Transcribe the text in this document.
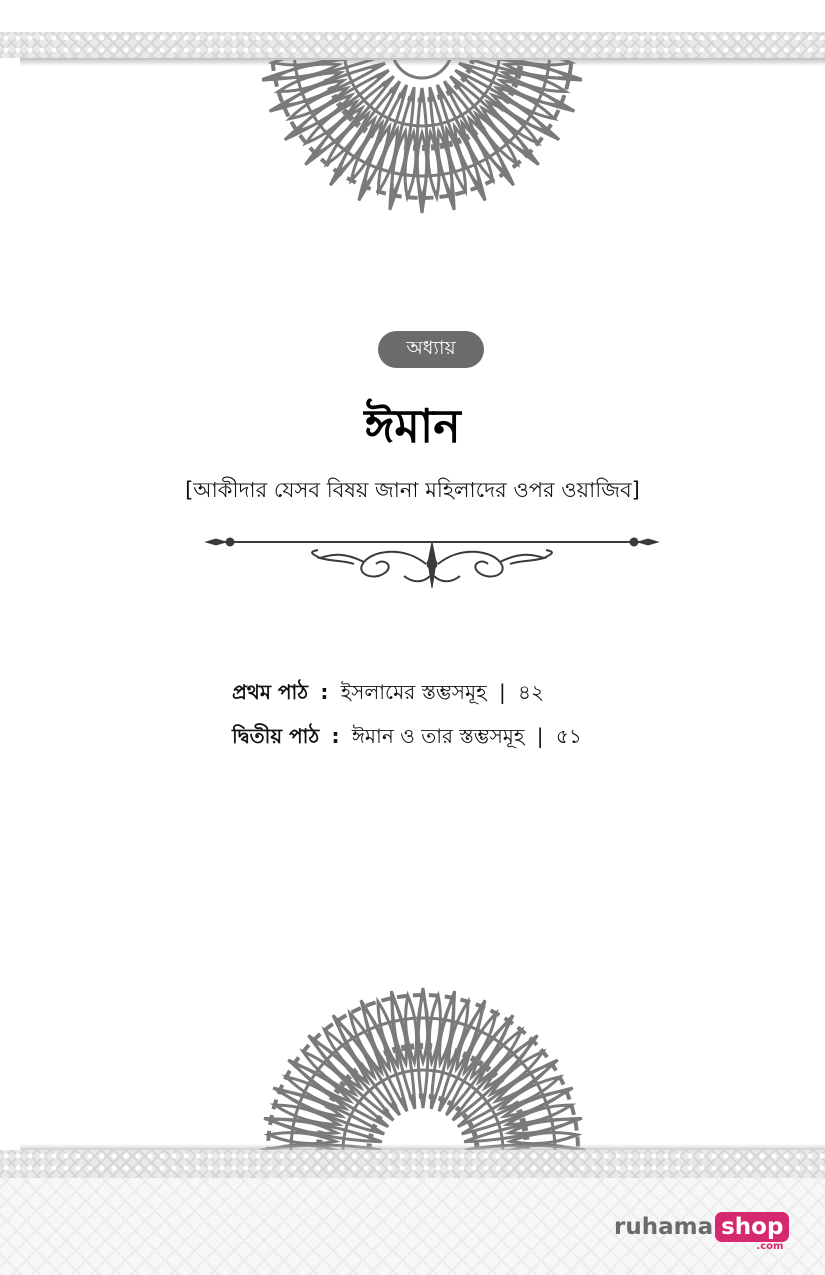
অধ্যায়
ঈমান
[আকীদার যেসব বিষয় জানা মহিলাদের ওপর ওয়াজিব]
প্রথম পাঠ : ইসলামের স্তম্ভসমূহ | ৪২
দ্বিতীয় পাঠ : ঈমান ও তার স্তম্ভসমূহ | ৫১
ruhama shop
.com
